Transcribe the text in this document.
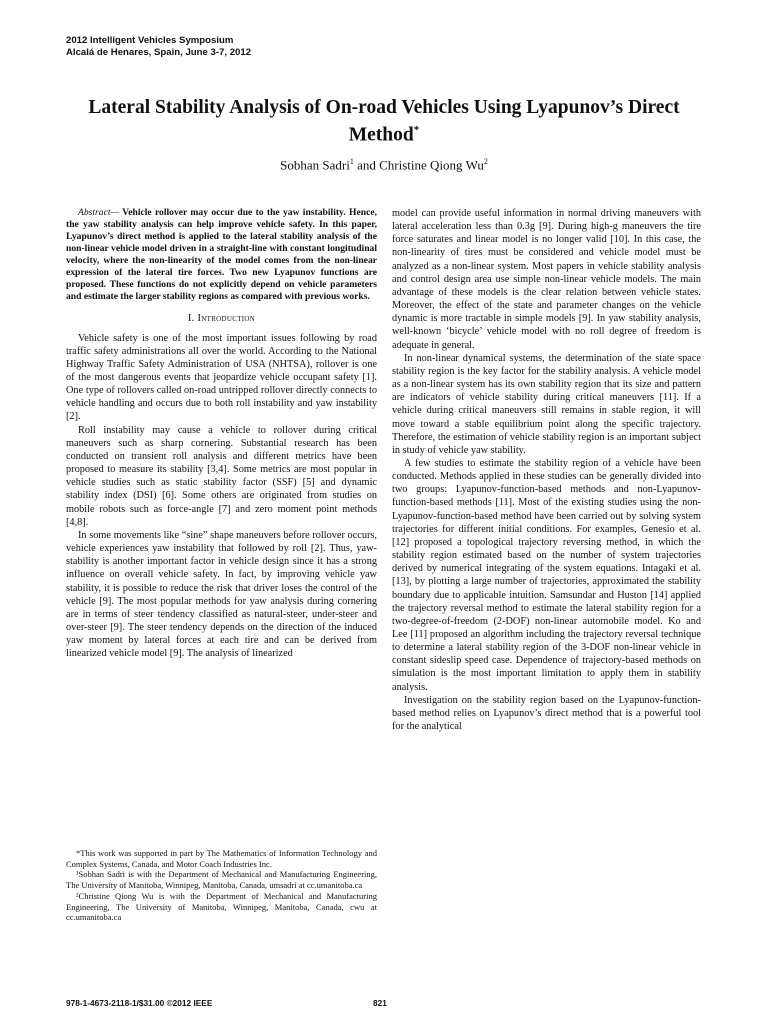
2012 Intelligent Vehicles Symposium
Alcalá de Henares, Spain, June 3-7, 2012
Lateral Stability Analysis of On-road Vehicles Using Lyapunov’s Direct Method*
Sobhan Sadri$^1$ and Christine Qiong Wu$^2$

Abstract— Vehicle rollover may occur due to the yaw instability. Hence, the yaw stability analysis can help improve vehicle safety. In this paper, Lyapunov’s direct method is applied to the lateral stability analysis of the non-linear vehicle model driven in a straight-line with constant longitudinal velocity, where the non-linearity of the model comes from the non-linear expression of the lateral tire forces. Two new Lyapunov functions are proposed. These functions do not explicitly depend on vehicle parameters and estimate the larger stability regions as compared with previous works.

I. Introduction

Vehicle safety is one of the most important issues following by road traffic safety administrations all over the world. According to the National Highway Traffic Safety Administration of USA (NHTSA), rollover is one of the most dangerous events that jeopardize vehicle occupant safety [1]. One type of rollovers called on-road untripped rollover directly connects to vehicle handling and occurs due to both roll instability and yaw instability [2].

Roll instability may cause a vehicle to rollover during critical maneuvers such as sharp cornering. Substantial research has been conducted on transient roll analysis and different metrics have been proposed to measure its stability [3,4]. Some metrics are most popular in vehicle studies such as static stability factor (SSF) [5] and dynamic stability index (DSI) [6]. Some others are originated from studies on mobile robots such as force-angle [7] and zero moment point methods [4,8].

In some movements like “sine” shape maneuvers before rollover occurs, vehicle experiences yaw instability that followed by roll [2]. Thus, yaw-stability is another important factor in vehicle design since it has a strong influence on overall vehicle safety. In fact, by improving vehicle yaw stability, it is possible to reduce the risk that driver loses the control of the vehicle [9]. The most popular methods for yaw analysis during cornering are in terms of steer tendency classified as natural-steer, under-steer and over-steer [9]. The steer tendency depends on the direction of the induced yaw moment by lateral forces at each tire and can be derived from linearized vehicle model [9]. The analysis of linearized

*This work was supported in part by The Mathematics of Information Technology and Complex Systems, Canada, and Motor Coach Industries Inc.

¹Sobhan Sadri is with the Department of Mechanical and Manufacturing Engineering, The University of Manitoba, Winnipeg, Manitoba, Canada, umsadri at cc.umanitoba.ca

²Christine Qiong Wu is with the Department of Mechanical and Manufacturing Engineering, The University of Manitoba, Winnipeg, Manitoba, Canada, cwu at cc.umanitoba.ca

model can provide useful information in normal driving maneuvers with lateral acceleration less than 0.3g [9]. During high-g maneuvers the tire force saturates and linear model is no longer valid [10]. In this case, the non-linearity of tires must be considered and vehicle model must be analyzed as a non-linear system. Most papers in vehicle stability analysis and control design area use simple non-linear vehicle models. The main advantage of these models is the clear relation between vehicle states. Moreover, the effect of the state and parameter changes on the vehicle dynamic is more tractable in simple models [9]. In yaw stability analysis, well-known ‘bicycle’ vehicle model with no roll degree of freedom is adequate in general.

In non-linear dynamical systems, the determination of the state space stability region is the key factor for the stability analysis. A vehicle model as a non-linear system has its own stability region that its size and pattern are indicators of vehicle stability during critical maneuvers [11]. If a vehicle during critical maneuvers still remains in stable region, it will move toward a stable equilibrium point along the specific trajectory. Therefore, the estimation of vehicle stability region is an important subject in study of vehicle yaw stability.

A few studies to estimate the stability region of a vehicle have been conducted. Methods applied in these studies can be generally divided into two groups: Lyapunov-function-based methods and non-Lyapunov-function-based methods [11]. Most of the existing studies using the non-Lyapunov-function-based method have been carried out by solving system trajectories for different initial conditions. For examples, Genesio et al. [12] proposed a topological trajectory reversing method, in which the stability region estimated based on the number of system trajectories derived by numerical integrating of the system equations. Intagaki et al. [13], by plotting a large number of trajectories, approximated the stability boundary due to applicable intuition. Samsundar and Huston [14] applied the trajectory reversal method to estimate the lateral stability region for a two-degree-of-freedom (2-DOF) non-linear automobile model. Ko and Lee [11] proposed an algorithm including the trajectory reversal technique to determine a lateral stability region of the 3-DOF non-linear vehicle in constant sideslip speed case. Dependence of trajectory-based methods on simulation is the most important limitation to apply them in stability analysis.

Investigation on the stability region based on the Lyapunov-function-based method relies on Lyapunov’s direct method that is a powerful tool for the analytical

978-1-4673-2118-1/$31.00 ©2012 IEEE	821
